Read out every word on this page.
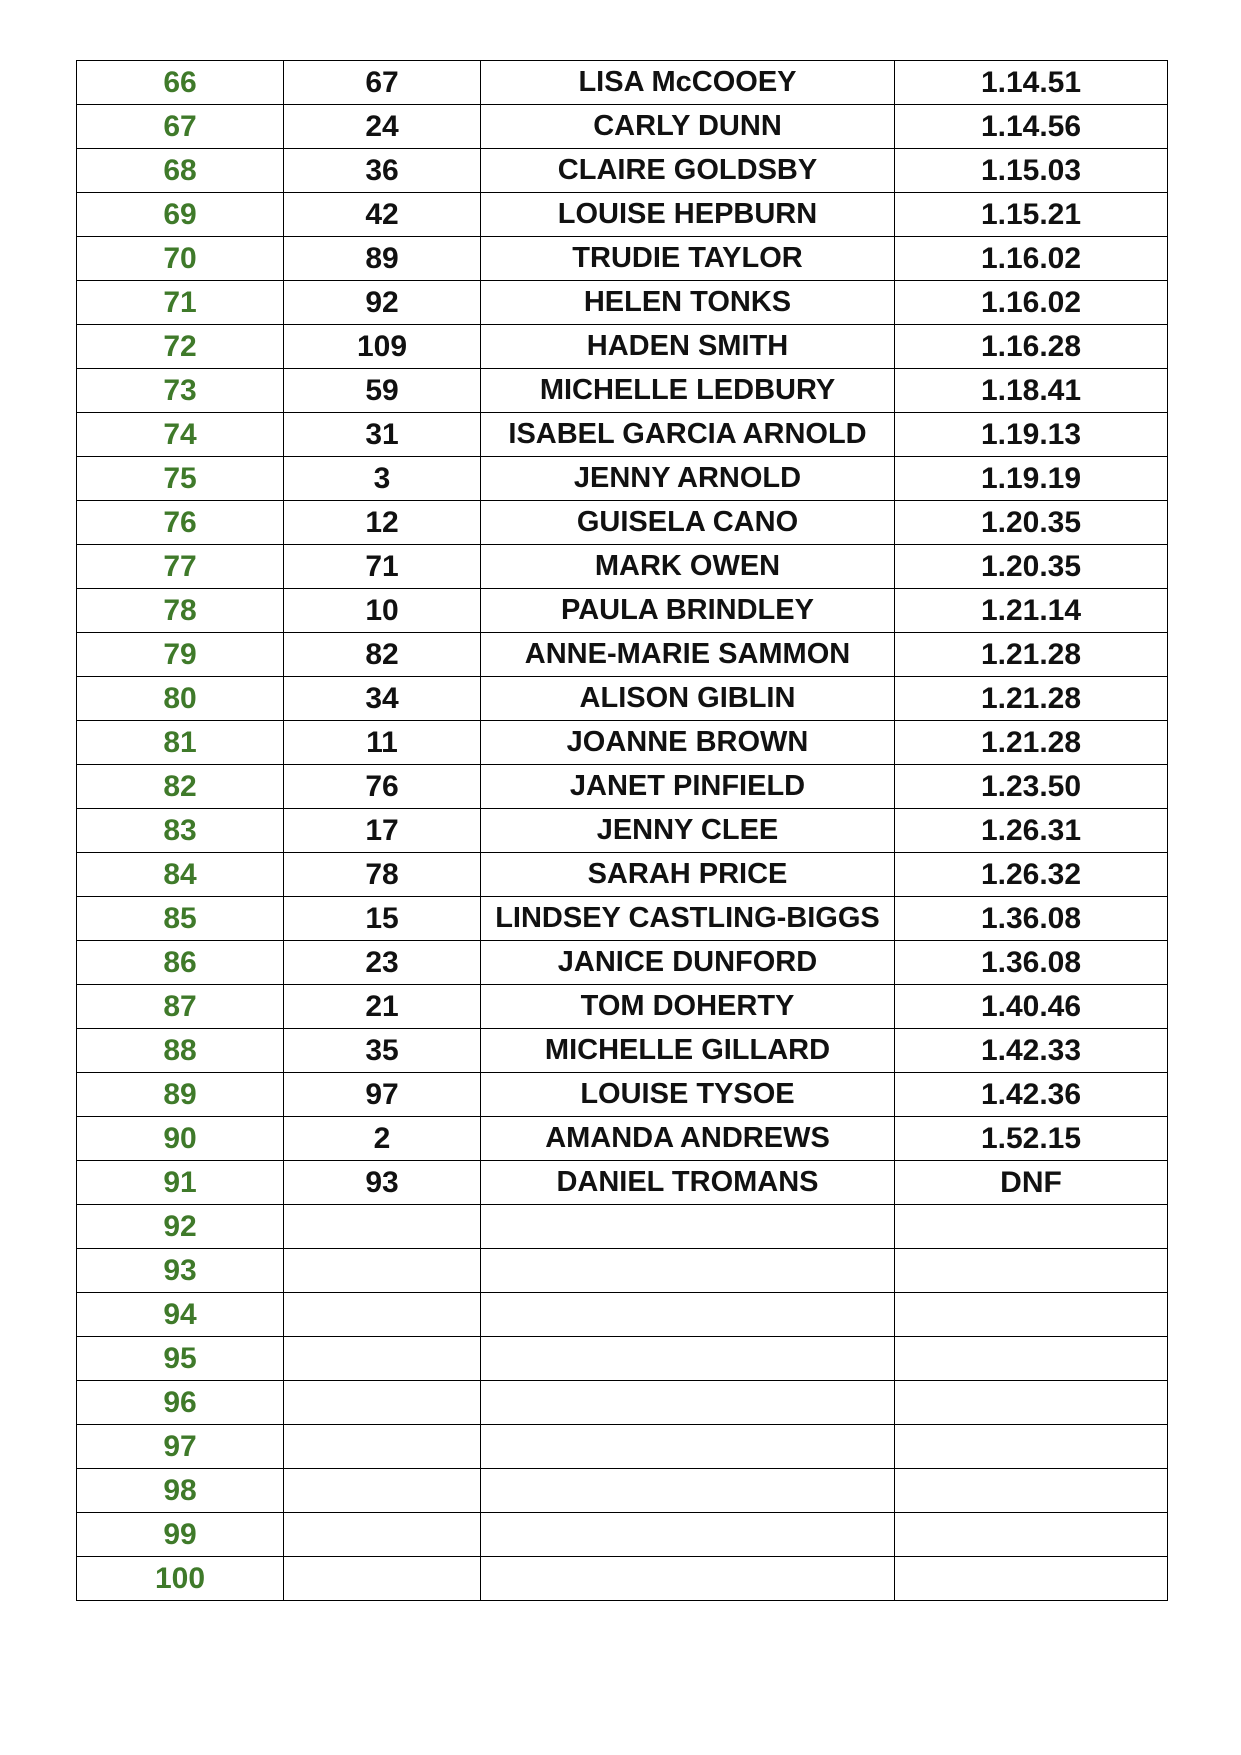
66	67	LISA McCOOEY	1.14.51
67	24	CARLY DUNN	1.14.56
68	36	CLAIRE GOLDSBY	1.15.03
69	42	LOUISE HEPBURN	1.15.21
70	89	TRUDIE TAYLOR	1.16.02
71	92	HELEN TONKS	1.16.02
72	109	HADEN SMITH	1.16.28
73	59	MICHELLE LEDBURY	1.18.41
74	31	ISABEL GARCIA ARNOLD	1.19.13
75	3	JENNY ARNOLD	1.19.19
76	12	GUISELA CANO	1.20.35
77	71	MARK OWEN	1.20.35
78	10	PAULA BRINDLEY	1.21.14
79	82	ANNE-MARIE SAMMON	1.21.28
80	34	ALISON GIBLIN	1.21.28
81	11	JOANNE BROWN	1.21.28
82	76	JANET PINFIELD	1.23.50
83	17	JENNY CLEE	1.26.31
84	78	SARAH PRICE	1.26.32
85	15	LINDSEY CASTLING-BIGGS	1.36.08
86	23	JANICE DUNFORD	1.36.08
87	21	TOM DOHERTY	1.40.46
88	35	MICHELLE GILLARD	1.42.33
89	97	LOUISE TYSOE	1.42.36
90	2	AMANDA ANDREWS	1.52.15
91	93	DANIEL TROMANS	DNF
92			
93			
94			
95			
96			
97			
98			
99			
100			
